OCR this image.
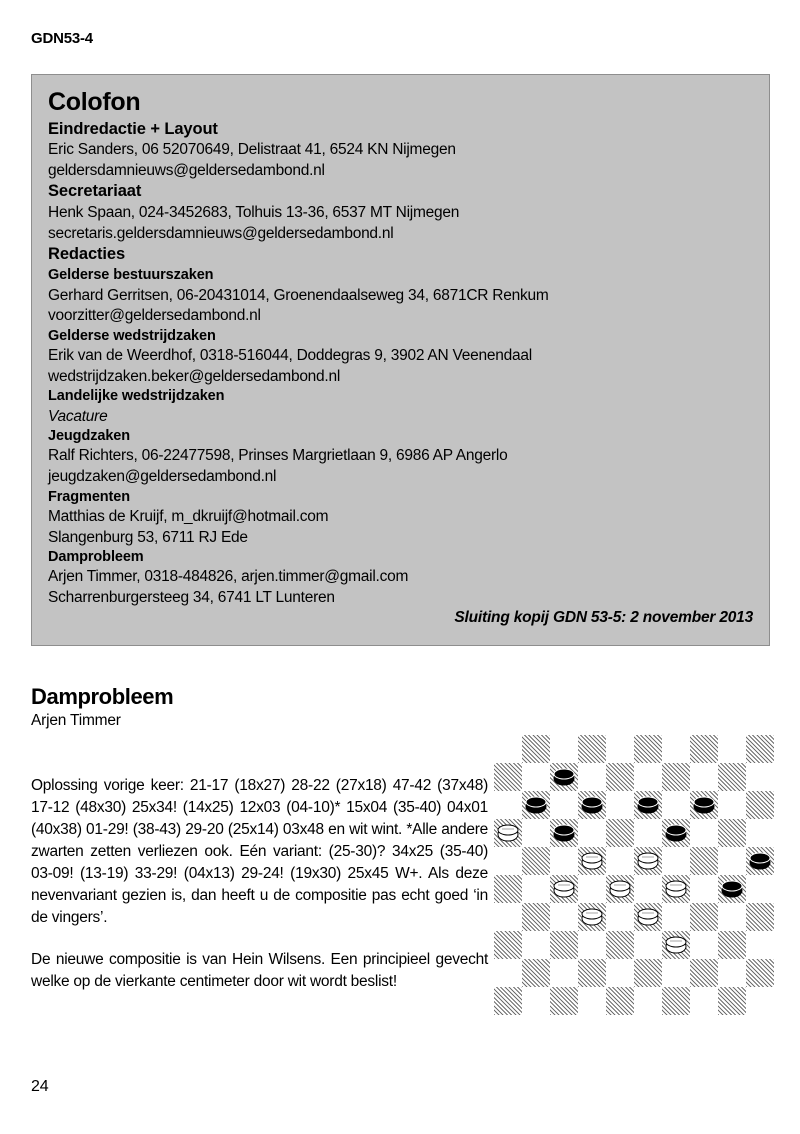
GDN53-4
Colofon
Eindredactie + Layout
Eric Sanders, 06 52070649, Delistraat 41, 6524 KN Nijmegen
geldersdamnieuws@geldersedambond.nl
Secretariaat
Henk Spaan, 024-3452683, Tolhuis 13-36, 6537 MT Nijmegen
secretaris.geldersdamnieuws@geldersedambond.nl
Redacties
Gelderse bestuurszaken
Gerhard Gerritsen, 06-20431014, Groenendaalseweg 34, 6871CR Renkum
voorzitter@geldersedambond.nl
Gelderse wedstrijdzaken
Erik van de Weerdhof, 0318-516044, Doddegras 9, 3902 AN Veenendaal
wedstrijdzaken.beker@geldersedambond.nl
Landelijke wedstrijdzaken
Vacature
Jeugdzaken
Ralf Richters, 06-22477598, Prinses Margrietlaan 9, 6986 AP Angerlo
jeugdzaken@geldersedambond.nl
Fragmenten
Matthias de Kruijf, m_dkruijf@hotmail.com
Slangenburg 53, 6711 RJ Ede
Damprobleem
Arjen Timmer, 0318-484826, arjen.timmer@gmail.com
Scharrenburgersteeg 34, 6741 LT Lunteren
Sluiting kopij GDN 53-5: 2 november 2013
Damprobleem
Arjen Timmer

Oplossing vorige keer: 21-17 (18x27) 28-22 (27x18) 47-42 (37x48) 17-12 (48x30) 25x34! (14x25) 12x03 (04-10)* 15x04 (35-40) 04x01 (40x38) 01-29! (38-43) 29-20 (25x14) 03x48 en wit wint. *Alle andere zwarten zetten verliezen ook. Eén variant: (25-30)? 34x25 (35-40) 03-09! (13-19) 33-29! (04x13) 29-24! (19x30) 25x45 W+. Als deze nevenvariant gezien is, dan heeft u de compositie pas echt goed ‘in de vingers’.

De nieuwe compositie is van Hein Wilsens. Een principieel gevecht welke op de vierkante centimeter door wit wordt beslist!

24
